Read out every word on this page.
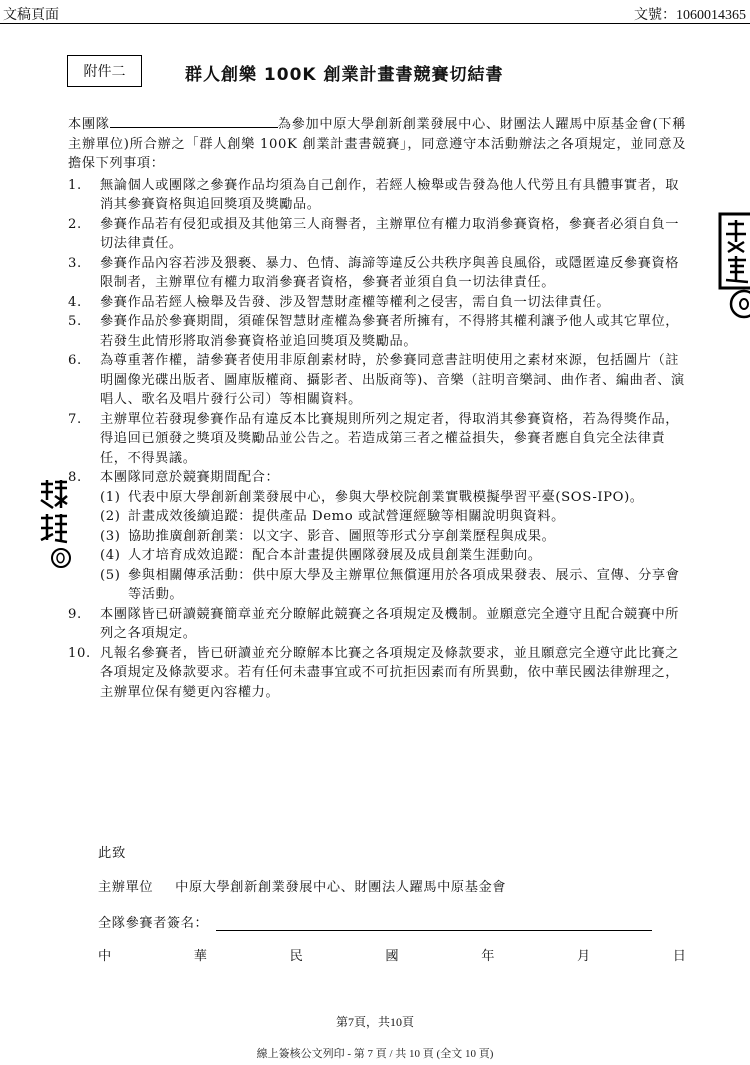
文稿頁面	文號：1060014365
附件二	群人創樂 100K 創業計畫書競賽切結書

本團隊	為參加中原大學創新創業發展中心、財團法人躍馬中原基金會(下稱主辦單位)所合辦之「群人創樂 100K 創業計畫書競賽」，同意遵守本活動辦法之各項規定，並同意及擔保下列事項：

1. 無論個人或團隊之參賽作品均須為自己創作，若經人檢舉或告發為他人代勞且有具體事實者，取消其參賽資格與追回獎項及獎勵品。
2. 參賽作品若有侵犯或損及其他第三人商譽者，主辦單位有權力取消參賽資格，參賽者必須自負一切法律責任。
3. 參賽作品內容若涉及猥褻、暴力、色情、誨諦等違反公共秩序與善良風俗，或隱匿違反參賽資格限制者，主辦單位有權力取消參賽者資格，參賽者並須自負一切法律責任。
4. 參賽作品若經人檢舉及告發、涉及智慧財產權等權利之侵害，需自負一切法律責任。
5. 參賽作品於參賽期間，須確保智慧財產權為參賽者所擁有，不得將其權利讓予他人或其它單位，若發生此情形將取消參賽資格並追回獎項及獎勵品。
6. 為尊重著作權，請參賽者使用非原創素材時，於參賽同意書註明使用之素材來源，包括圖片（註明圖像光碟出版者、圖庫版權商、攝影者、出版商等)、音樂（註明音樂詞、曲作者、編曲者、演唱人、歌名及唱片發行公司）等相關資料。
7. 主辦單位若發現參賽作品有違反本比賽規則所列之規定者，得取消其參賽資格，若為得獎作品，得追回已頒發之獎項及獎勵品並公告之。若造成第三者之權益損失，參賽者應自負完全法律責任，不得異議。
8. 本團隊同意於競賽期間配合：
(1) 代表中原大學創新創業發展中心，參與大學校院創業實戰模擬學習平臺(SOS-IPO)。
(2) 計畫成效後續追蹤：提供產品 Demo 或試營運經驗等相關說明與資料。
(3) 協助推廣創新創業：以文字、影音、圖照等形式分享創業歷程與成果。
(4) 人才培育成效追蹤：配合本計畫提供團隊發展及成員創業生涯動向。
(5) 參與相關傳承活動：供中原大學及主辦單位無償運用於各項成果發表、展示、宣傳、分享會等活動。
9. 本團隊皆已研讀競賽簡章並充分瞭解此競賽之各項規定及機制。並願意完全遵守且配合競賽中所列之各項規定。
10. 凡報名參賽者，皆已研讀並充分瞭解本比賽之各項規定及條款要求，並且願意完全遵守此比賽之各項規定及條款要求。若有任何未盡事宜或不可抗拒因素而有所異動，依中華民國法律辦理之，主辦單位保有變更內容權力。
此致
主辦單位 中原大學創新創業發展中心、財團法人躍馬中原基金會
全隊參賽者簽名：
中	華	民	國	年	月	日
第7頁，共10頁
線上簽核公文列印 - 第 7 頁 / 共 10 頁 (全文 10 頁)
